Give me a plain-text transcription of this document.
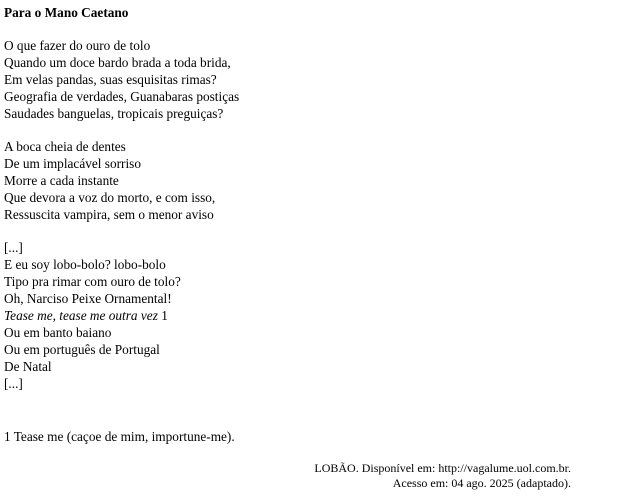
Para o Mano Caetano
O que fazer do ouro de tolo
Quando um doce bardo brada a toda brida,
Em velas pandas, suas esquisitas rimas?
Geografia de verdades, Guanabaras postiças
Saudades banguelas, tropicais preguiças?
A boca cheia de dentes
De um implacável sorriso
Morre a cada instante
Que devora a voz do morto, e com isso,
Ressuscita vampira, sem o menor aviso
[...]
E eu soy lobo-bolo? lobo-bolo
Tipo pra rimar com ouro de tolo?
Oh, Narciso Peixe Ornamental!
Tease me, tease me outra vez 1
Ou em banto baiano
Ou em português de Portugal
De Natal
[...]
1 Tease me (caçoe de mim, importune-me).
LOBÃO. Disponível em: http://vagalume.uol.com.br.
Acesso em: 04 ago. 2025 (adaptado).
